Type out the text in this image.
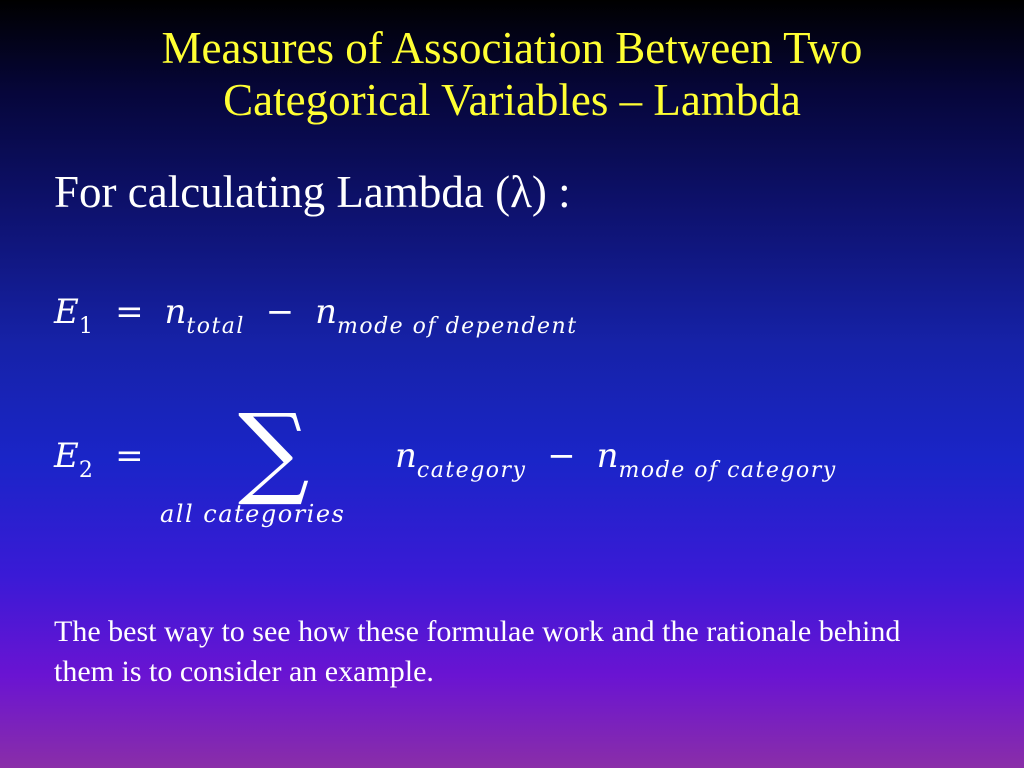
Measures of Association Between Two
Categorical Variables – Lambda
For calculating Lambda (λ) :
$E_1 = n_{total} - n_{mode of dependent}$
$E_2$ = ∑
all categories
$n_{category} - n_{mode of category}$
The best way to see how these formulae work and the rationale behind them is to consider an example.
